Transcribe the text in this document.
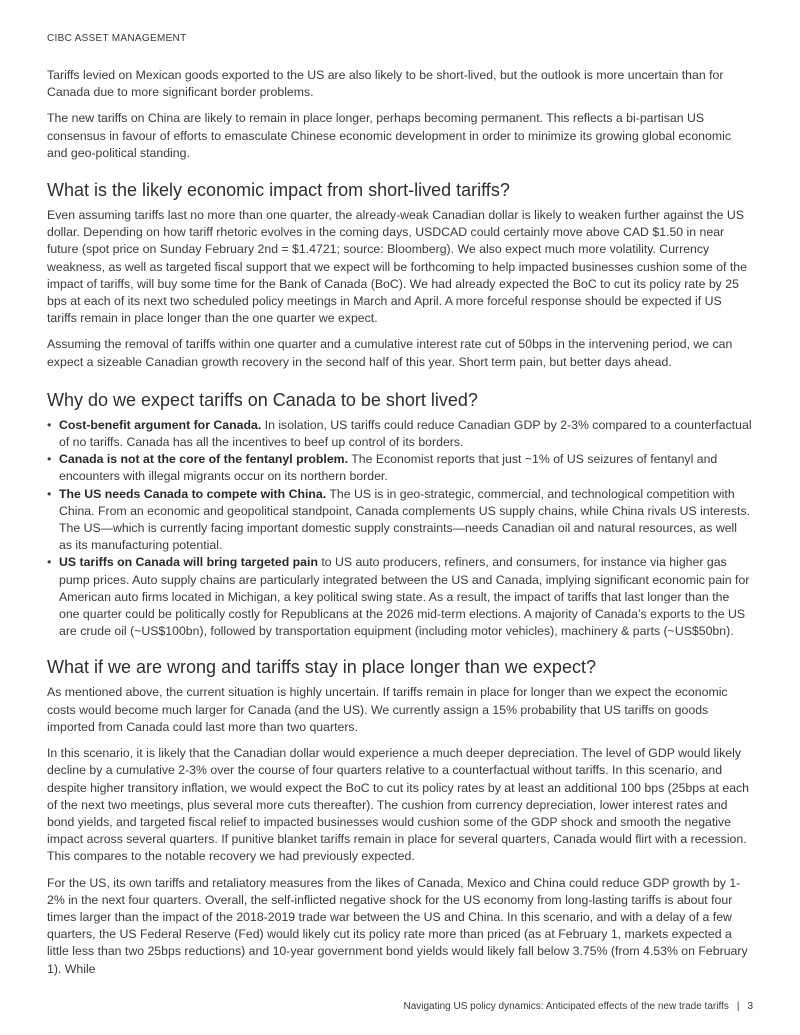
CIBC ASSET MANAGEMENT

Tariffs levied on Mexican goods exported to the US are also likely to be short-lived, but the outlook is more uncertain than for Canada due to more significant border problems.

The new tariffs on China are likely to remain in place longer, perhaps becoming permanent. This reflects a bi-partisan US consensus in favour of efforts to emasculate Chinese economic development in order to minimize its growing global economic and geo-political standing.

What is the likely economic impact from short-lived tariffs?

Even assuming tariffs last no more than one quarter, the already-weak Canadian dollar is likely to weaken further against the US dollar. Depending on how tariff rhetoric evolves in the coming days, USDCAD could certainly move above CAD $1.50 in near future (spot price on Sunday February 2nd = $1.4721; source: Bloomberg). We also expect much more volatility. Currency weakness, as well as targeted fiscal support that we expect will be forthcoming to help impacted businesses cushion some of the impact of tariffs, will buy some time for the Bank of Canada (BoC). We had already expected the BoC to cut its policy rate by 25 bps at each of its next two scheduled policy meetings in March and April. A more forceful response should be expected if US tariffs remain in place longer than the one quarter we expect.

Assuming the removal of tariffs within one quarter and a cumulative interest rate cut of 50bps in the intervening period, we can expect a sizeable Canadian growth recovery in the second half of this year. Short term pain, but better days ahead.

Why do we expect tariffs on Canada to be short lived?
• Cost-benefit argument for Canada. In isolation, US tariffs could reduce Canadian GDP by 2-3% compared to a counterfactual of no tariffs. Canada has all the incentives to beef up control of its borders.
• Canada is not at the core of the fentanyl problem. The Economist reports that just ~1% of US seizures of fentanyl and encounters with illegal migrants occur on its northern border.
• The US needs Canada to compete with China. The US is in geo-strategic, commercial, and technological competition with China. From an economic and geopolitical standpoint, Canada complements US supply chains, while China rivals US interests. The US—which is currently facing important domestic supply constraints—needs Canadian oil and natural resources, as well as its manufacturing potential.
• US tariffs on Canada will bring targeted pain to US auto producers, refiners, and consumers, for instance via higher gas pump prices. Auto supply chains are particularly integrated between the US and Canada, implying significant economic pain for American auto firms located in Michigan, a key political swing state. As a result, the impact of tariffs that last longer than the one quarter could be politically costly for Republicans at the 2026 mid-term elections. A majority of Canada’s exports to the US are crude oil (~US$100bn), followed by transportation equipment (including motor vehicles), machinery & parts (~US$50bn).
What if we are wrong and tariffs stay in place longer than we expect?

As mentioned above, the current situation is highly uncertain. If tariffs remain in place for longer than we expect the economic costs would become much larger for Canada (and the US). We currently assign a 15% probability that US tariffs on goods imported from Canada could last more than two quarters.

In this scenario, it is likely that the Canadian dollar would experience a much deeper depreciation. The level of GDP would likely decline by a cumulative 2-3% over the course of four quarters relative to a counterfactual without tariffs. In this scenario, and despite higher transitory inflation, we would expect the BoC to cut its policy rates by at least an additional 100 bps (25bps at each of the next two meetings, plus several more cuts thereafter). The cushion from currency depreciation, lower interest rates and bond yields, and targeted fiscal relief to impacted businesses would cushion some of the GDP shock and smooth the negative impact across several quarters. If punitive blanket tariffs remain in place for several quarters, Canada would flirt with a recession. This compares to the notable recovery we had previously expected.

For the US, its own tariffs and retaliatory measures from the likes of Canada, Mexico and China could reduce GDP growth by 1-2% in the next four quarters. Overall, the self-inflicted negative shock for the US economy from long-lasting tariffs is about four times larger than the impact of the 2018-2019 trade war between the US and China. In this scenario, and with a delay of a few quarters, the US Federal Reserve (Fed) would likely cut its policy rate more than priced (as at February 1, markets expected a little less than two 25bps reductions) and 10-year government bond yields would likely fall below 3.75% (from 4.53% on February 1). While

Navigating US policy dynamics: Anticipated effects of the new trade tariffs | 3
